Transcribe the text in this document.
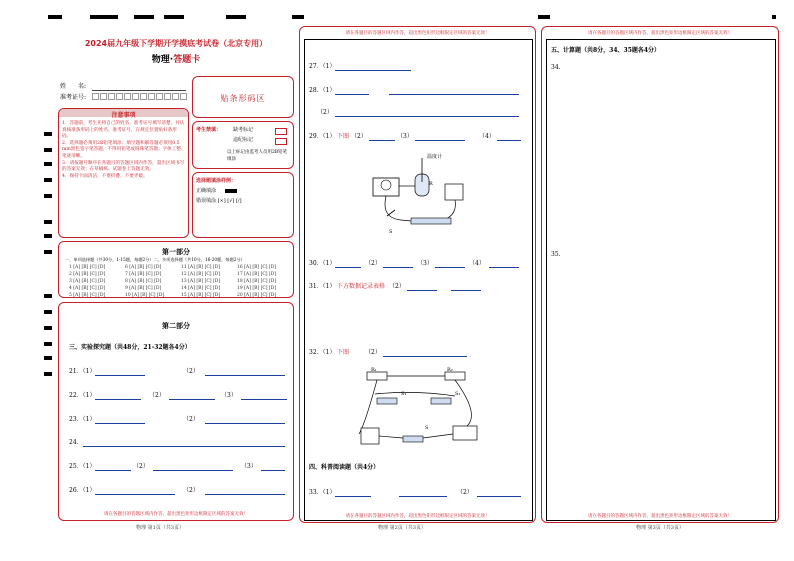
2024届九年级下学期开学摸底考试卷（北京专用）
物理·答题卡
姓　　名:
准考证号:	贴条形码区
注意事项
1．答题前，考生先将自己的姓名，准考证号填写清楚，并认真核准条形码上的姓名、准考证号，在规定位置贴好条形码。
2．选择题必须用2B铅笔填涂；填空题和解答题必须用0.5 mm黑色签字笔答题，不得用铅笔或圆珠笔答题；字体工整、笔迹清晰。
3．请按题号顺序在各题目的答题区域内作答，超出区域书写的答案无效；在草稿纸、试题卷上答题无效。
4．保持卡面清洁，不要折叠、不要弄破。
考生禁填： 缺考标记
违纪标记
以上标记由监考人员用2B铅笔填涂
选择题填涂样例：
正确填涂
错误填涂 [×] [√] [/]
第一部分
一、单项选择题（共30分，1-15题，每题2分）二、多项选择题（共10分，16-20题，每题2分）
1 [A] [B] [C] [D]	6 [A] [B] [C] [D]	11 [A] [B] [C] [D]	16 [A] [B] [C] [D]
2 [A] [B] [C] [D]	7 [A] [B] [C] [D]	12 [A] [B] [C] [D]	17 [A] [B] [C] [D]
3 [A] [B] [C] [D]	8 [A] [B] [C] [D]	13 [A] [B] [C] [D]	18 [A] [B] [C] [D]
4 [A] [B] [C] [D]	9 [A] [B] [C] [D]	14 [A] [B] [C] [D]	19 [A] [B] [C] [D]
5 [A] [B] [C] [D]	10 [A] [B] [C] [D]	15 [A] [B] [C] [D]	20 [A] [B] [C] [D]
第二部分
三、实验探究题（共48分，21-32题各4分）
21．（1）	（2）
22．（1）	（2）	（3）
23．（1）	（2）
24．
25．（1）	（2）	（3）
26．（1）	（2）
请在各题目的答题区域内作答，超出黑色矩形边框限定区域的答案无效！
物理 第1页（共3页）
请在各题目的答题区域内作答，超出黑色矩形边框限定区域的答案无效！
27．（1）
28．（1）
（2）
29．（1） 下图 （2）	（3）	（4）
温度计
R
S
30．（1）	（2）	（3）	（4）
31．（1） 下方数据记录表格 （2）
32．（1） 下图	（2）
R₁	R₂
S₁	S₂
S
四、科普阅读题（共4分）
33．（1）	（2）
请在各题目的答题区域内作答，超出黑色矩形边框限定区域的答案无效！
物理 第2页（共3页）
请在各题目的答题区域内作答，超出黑色矩形边框限定区域的答案无效！
五、计算题（共8分，34、35题各4分）
34.
35.
请在各题目的答题区域内作答，超出黑色矩形边框限定区域的答案无效！
物理 第3页（共3页）
